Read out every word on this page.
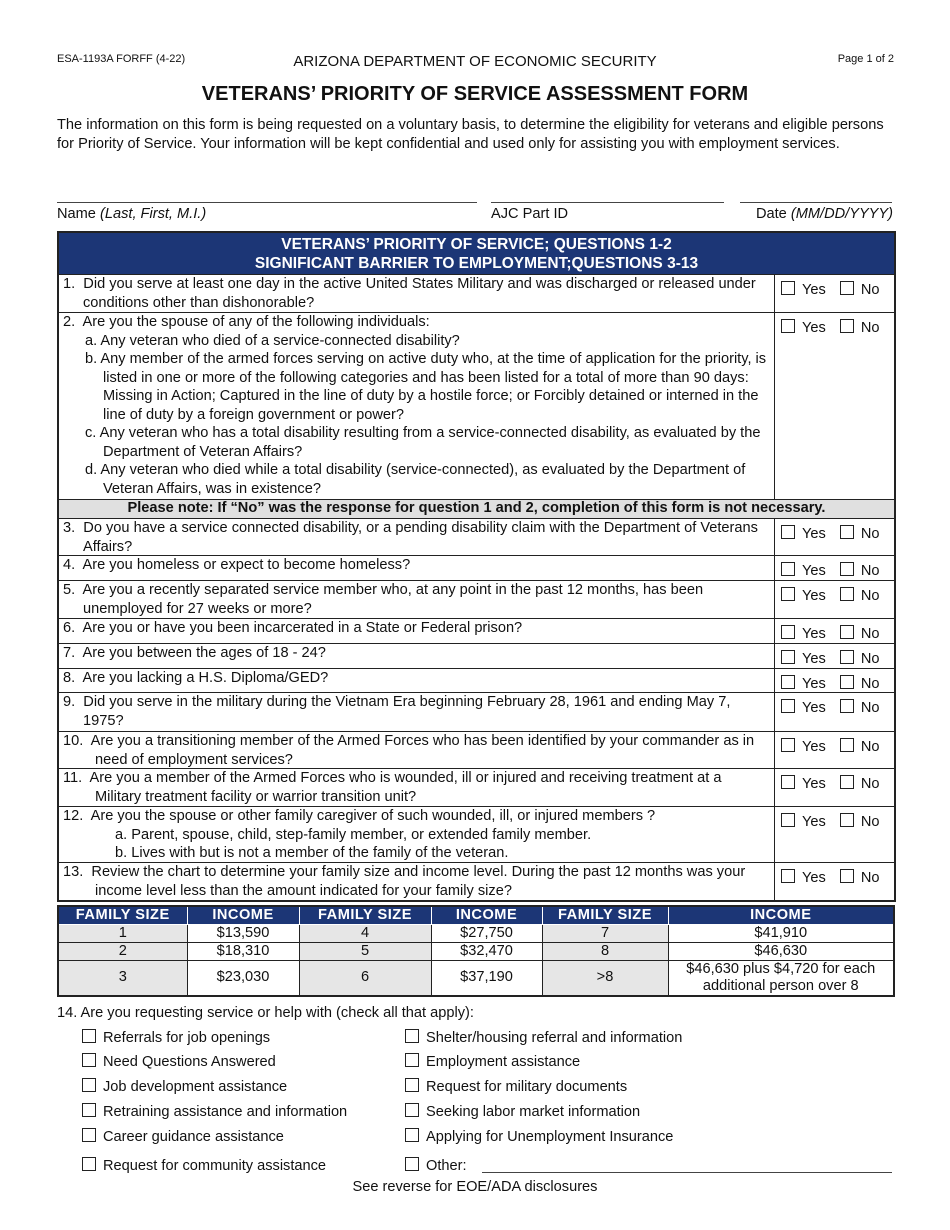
ESA-1193A FORFF (4-22)	ARIZONA DEPARTMENT OF ECONOMIC SECURITY	Page 1 of 2
VETERANS’ PRIORITY OF SERVICE ASSESSMENT FORM
The information on this form is being requested on a voluntary basis, to determine the eligibility for veterans and eligible persons for Priority of Service. Your information will be kept confidential and used only for assisting you with employment services.
Name (Last, First, M.I.)	AJC Part ID	Date (MM/DD/YYYY)
VETERANS’ PRIORITY OF SERVICE; QUESTIONS 1-2
SIGNIFICANT BARRIER TO EMPLOYMENT;QUESTIONS 3-13
1. Did you serve at least one day in the active United States Military and was discharged or released under conditions other than dishonorable?
Yes No
2. Are you the spouse of any of the following individuals:
a. Any veteran who died of a service-connected disability?
b. Any member of the armed forces serving on active duty who, at the time of application for the priority, is listed in one or more of the following categories and has been listed for a total of more than 90 days: Missing in Action; Captured in the line of duty by a hostile force; or Forcibly detained or interned in the line of duty by a foreign government or power?
c. Any veteran who has a total disability resulting from a service-connected disability, as evaluated by the Department of Veteran Affairs?
d. Any veteran who died while a total disability (service-connected), as evaluated by the Department of Veteran Affairs, was in existence?
Yes No
Please note: If “No” was the response for question 1 and 2, completion of this form is not necessary.
3. Do you have a service connected disability, or a pending disability claim with the Department of Veterans Affairs?
Yes No
4. Are you homeless or expect to become homeless?	Yes No
5. Are you a recently separated service member who, at any point in the past 12 months, has been unemployed for 27 weeks or more?
Yes No
6. Are you or have you been incarcerated in a State or Federal prison?	Yes No
7. Are you between the ages of 18 - 24?	Yes No
8. Are you lacking a H.S. Diploma/GED?	Yes No
9. Did you serve in the military during the Vietnam Era beginning February 28, 1961 and ending May 7, 1975?
Yes No
10. Are you a transitioning member of the Armed Forces who has been identified by your commander as in need of employment services?
Yes No
11. Are you a member of the Armed Forces who is wounded, ill or injured and receiving treatment at a Military treatment facility or warrior transition unit?
Yes No
12. Are you the spouse or other family caregiver of such wounded, ill, or injured members ?
a. Parent, spouse, child, step-family member, or extended family member.
b. Lives with but is not a member of the family of the veteran.
Yes No
13. Review the chart to determine your family size and income level. During the past 12 months was your income level less than the amount indicated for your family size?
Yes No
FAMILY SIZE	INCOME	FAMILY SIZE	INCOME	FAMILY SIZE	INCOME
1	$13,590	4	$27,750	7	$41,910
2	$18,310	5	$32,470	8	$46,630
3	$23,030	6	$37,190	>8	$46,630 plus $4,720 for each additional person over 8
14. Are you requesting service or help with (check all that apply):
Referrals for job openings
Need Questions Answered
Job development assistance
Retraining assistance and information
Career guidance assistance
Request for community assistance
Shelter/housing referral and information
Employment assistance
Request for military documents
Seeking labor market information
Applying for Unemployment Insurance
Other:
See reverse for EOE/ADA disclosures
